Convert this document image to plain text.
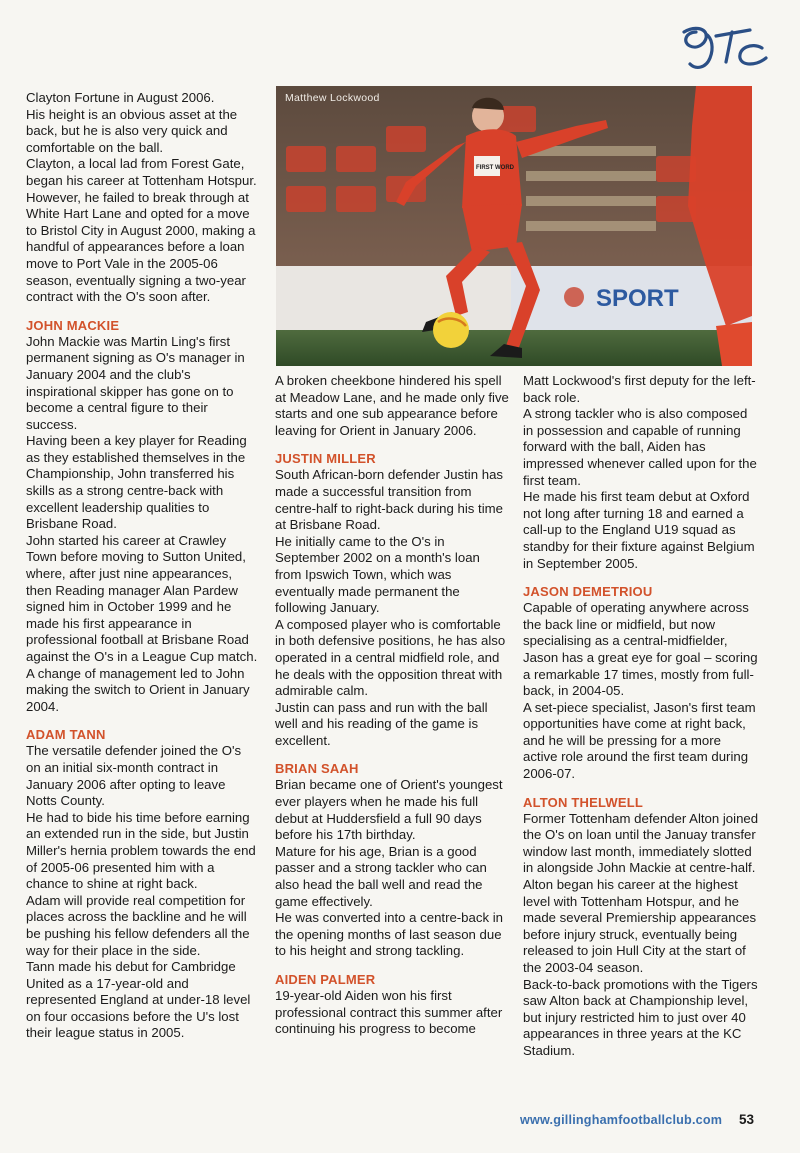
SPORT
FIRST WORD
Matthew Lockwood

Clayton Fortune in August 2006.
His height is an obvious asset at the back, but he is also very quick and comfortable on the ball.
Clayton, a local lad from Forest Gate, began his career at Tottenham Hotspur. However, he failed to break through at White Hart Lane and opted for a move to Bristol City in August 2000, making a handful of appearances before a loan move to Port Vale in the 2005-06 season, eventually signing a two-year contract with the O's soon after.

JOHN MACKIE

John Mackie was Martin Ling's first permanent signing as O's manager in January 2004 and the club's inspirational skipper has gone on to become a central figure to their success.
Having been a key player for Reading as they established themselves in the Championship, John transferred his skills as a strong centre-back with excellent leadership qualities to Brisbane Road.
John started his career at Crawley Town before moving to Sutton United, where, after just nine appearances, then Reading manager Alan Pardew signed him in October 1999 and he made his first appearance in professional football at Brisbane Road against the O's in a League Cup match.
A change of management led to John making the switch to Orient in January 2004.

ADAM TANN

The versatile defender joined the O's on an initial six-month contract in January 2006 after opting to leave Notts County.
He had to bide his time before earning an extended run in the side, but Justin Miller's hernia problem towards the end of 2005-06 presented him with a chance to shine at right back.
Adam will provide real competition for places across the backline and he will be pushing his fellow defenders all the way for their place in the side.
Tann made his debut for Cambridge United as a 17-year-old and represented England at under-18 level on four occasions before the U's lost their league status in 2005.

A broken cheekbone hindered his spell at Meadow Lane, and he made only five starts and one sub appearance before leaving for Orient in January 2006.

JUSTIN MILLER

South African-born defender Justin has made a successful transition from centre-half to right-back during his time at Brisbane Road.
He initially came to the O's in September 2002 on a month's loan from Ipswich Town, which was eventually made permanent the following January.
A composed player who is comfortable in both defensive positions, he has also operated in a central midfield role, and he deals with the opposition threat with admirable calm.
Justin can pass and run with the ball well and his reading of the game is excellent.

BRIAN SAAH

Brian became one of Orient's youngest ever players when he made his full debut at Huddersfield a full 90 days before his 17th birthday.
Mature for his age, Brian is a good passer and a strong tackler who can also head the ball well and read the game effectively.
He was converted into a centre-back in the opening months of last season due to his height and strong tackling.

AIDEN PALMER

19-year-old Aiden won his first professional contract this summer after continuing his progress to become

Matt Lockwood's first deputy for the left-back role.
A strong tackler who is also composed in possession and capable of running forward with the ball, Aiden has impressed whenever called upon for the first team.
He made his first team debut at Oxford not long after turning 18 and earned a call-up to the England U19 squad as standby for their fixture against Belgium in September 2005.

JASON DEMETRIOU

Capable of operating anywhere across the back line or midfield, but now specialising as a central-midfielder, Jason has a great eye for goal – scoring a remarkable 17 times, mostly from full-back, in 2004-05.
A set-piece specialist, Jason's first team opportunities have come at right back, and he will be pressing for a more active role around the first team during 2006-07.

ALTON THELWELL

Former Tottenham defender Alton joined the O's on loan until the Januay transfer window last month, immediately slotted in alongside John Mackie at centre-half.
Alton began his career at the highest level with Tottenham Hotspur, and he made several Premiership appearances before injury struck, eventually being released to join Hull City at the start of the 2003-04 season.
Back-to-back promotions with the Tigers saw Alton back at Championship level, but injury restricted him to just over 40 appearances in three years at the KC Stadium.

www.gillinghamfootballclub.com 53
